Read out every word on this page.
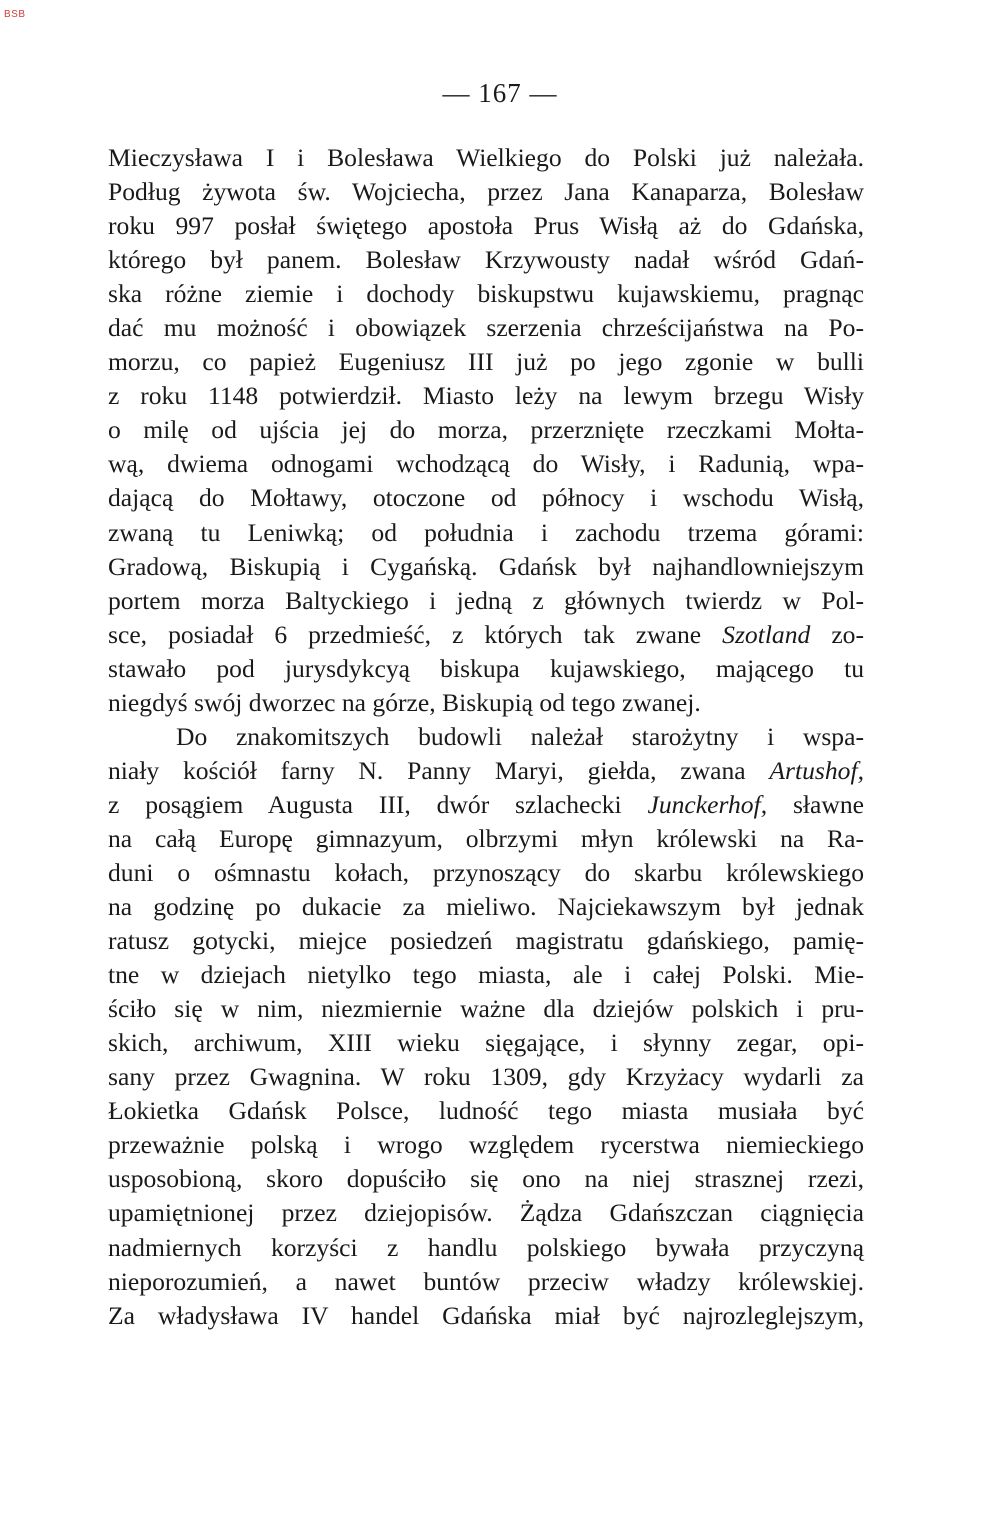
BSB
— 167 —
Mieczysława I i Bolesława Wielkiego do Polski już należała.
Podług żywota św. Wojciecha, przez Jana Kanaparza, Bolesław
roku 997 posłał świętego apostoła Prus Wisłą aż do Gdańska,
którego był panem. Bolesław Krzywousty nadał wśród Gdań-
ska różne ziemie i dochody biskupstwu kujawskiemu, pragnąc
dać mu możność i obowiązek szerzenia chrześcijaństwa na Po-
morzu, co papież Eugeniusz III już po jego zgonie w bulli
z roku 1148 potwierdził. Miasto leży na lewym brzegu Wisły
o milę od ujścia jej do morza, przerznięte rzeczkami Mołta-
wą, dwiema odnogami wchodzącą do Wisły, i Radunią, wpa-
dającą do Mołtawy, otoczone od północy i wschodu Wisłą,
zwaną tu Leniwką; od południa i zachodu trzema górami:
Gradową, Biskupią i Cygańską. Gdańsk był najhandlowniejszym
portem morza Baltyckiego i jedną z głównych twierdz w Pol-
sce, posiadał 6 przedmieść, z których tak zwane Szotland zo-
stawało pod jurysdykcyą biskupa kujawskiego, mającego tu
niegdyś swój dworzec na górze, Biskupią od tego zwanej.
Do znakomitszych budowli należał starożytny i wspa-
niały kościół farny N. Panny Maryi, giełda, zwana Artushof,
z posągiem Augusta III, dwór szlachecki Junckerhof, sławne
na całą Europę gimnazyum, olbrzymi młyn królewski na Ra-
duni o ośmnastu kołach, przynoszący do skarbu królewskiego
na godzinę po dukacie za mieliwo. Najciekawszym był jednak
ratusz gotycki, miejce posiedzeń magistratu gdańskiego, pamię-
tne w dziejach nietylko tego miasta, ale i całej Polski. Mie-
ściło się w nim, niezmiernie ważne dla dziejów polskich i pru-
skich, archiwum, XIII wieku sięgające, i słynny zegar, opi-
sany przez Gwagnina. W roku 1309, gdy Krzyżacy wydarli za
Łokietka Gdańsk Polsce, ludność tego miasta musiała być
przeważnie polską i wrogo względem rycerstwa niemieckiego
usposobioną, skoro dopuściło się ono na niej strasznej rzezi,
upamiętnionej przez dziejopisów. Żądza Gdańszczan ciągnięcia
nadmiernych korzyści z handlu polskiego bywała przyczyną
nieporozumień, a nawet buntów przeciw władzy królewskiej.
Za władysława IV handel Gdańska miał być najrozleglejszym,
